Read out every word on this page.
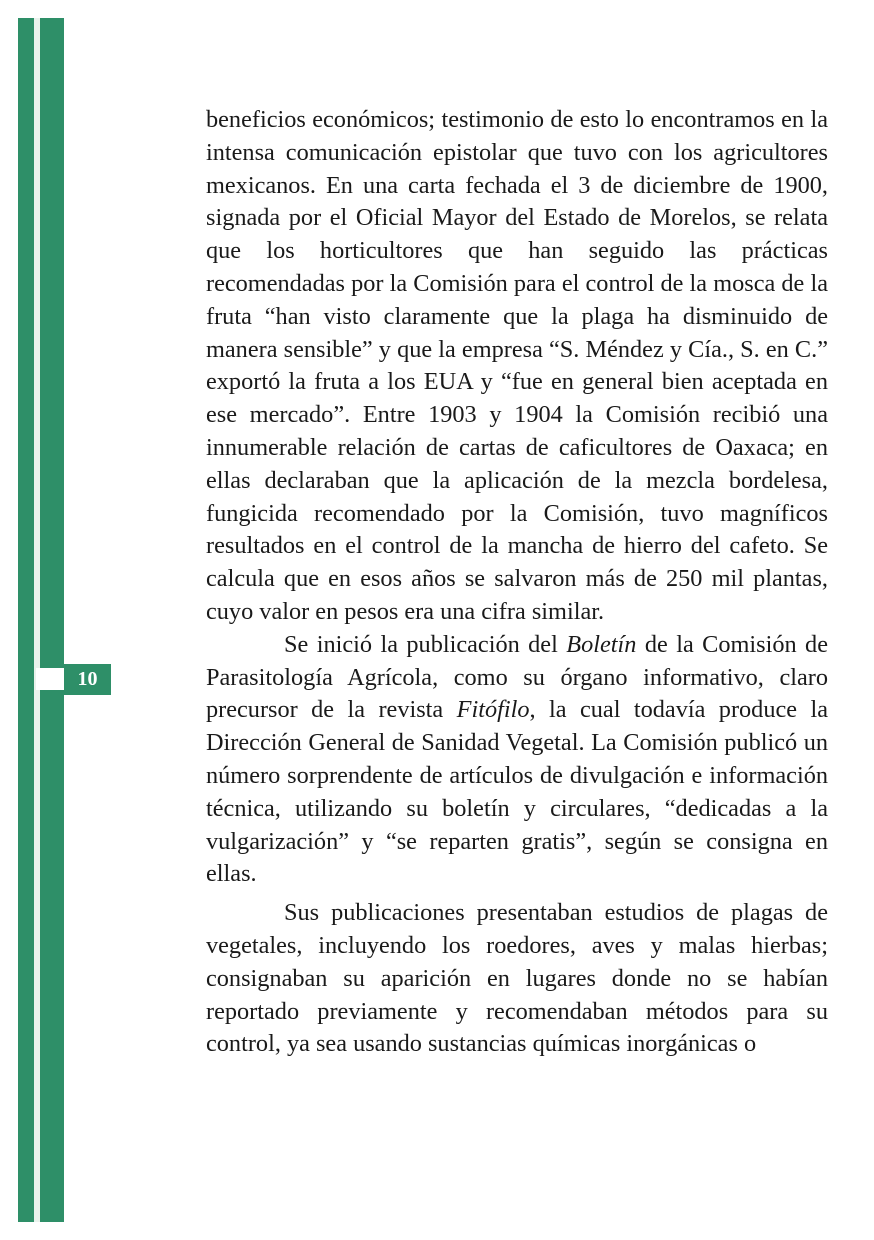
10

beneficios económicos; testimonio de esto lo encontramos en la intensa comunicación epistolar que tuvo con los agricultores mexicanos. En una carta fechada el 3 de diciembre de 1900, signada por el Oficial Mayor del Estado de Morelos, se relata que los horticultores que han seguido las prácticas recomendadas por la Comisión para el control de la mosca de la fruta “han visto claramente que la plaga ha disminuido de manera sensible” y que la empresa “S. Méndez y Cía., S. en C.” exportó la fruta a los EUA y “fue en general bien aceptada en ese mercado”. Entre 1903 y 1904 la Comisión recibió una innumerable relación de cartas de caficultores de Oaxaca; en ellas declaraban que la aplicación de la mezcla bordelesa, fungicida recomendado por la Comisión, tuvo magníficos resultados en el control de la mancha de hierro del cafeto. Se calcula que en esos años se salvaron más de 250 mil plantas, cuyo valor en pesos era una cifra similar.

Se inició la publicación del Boletín de la Comisión de Parasitología Agrícola, como su órgano informativo, claro precursor de la revista Fitófilo, la cual todavía produce la Dirección General de Sanidad Vegetal. La Comisión publicó un número sorprendente de artículos de divulgación e información técnica, utilizando su boletín y circulares, “dedicadas a la vulgarización” y “se reparten gratis”, según se consigna en ellas.

Sus publicaciones presentaban estudios de plagas de vegetales, incluyendo los roedores, aves y malas hierbas; consignaban su aparición en lugares donde no se habían reportado previamente y recomendaban métodos para su control, ya sea usando sustancias químicas inorgánicas o
